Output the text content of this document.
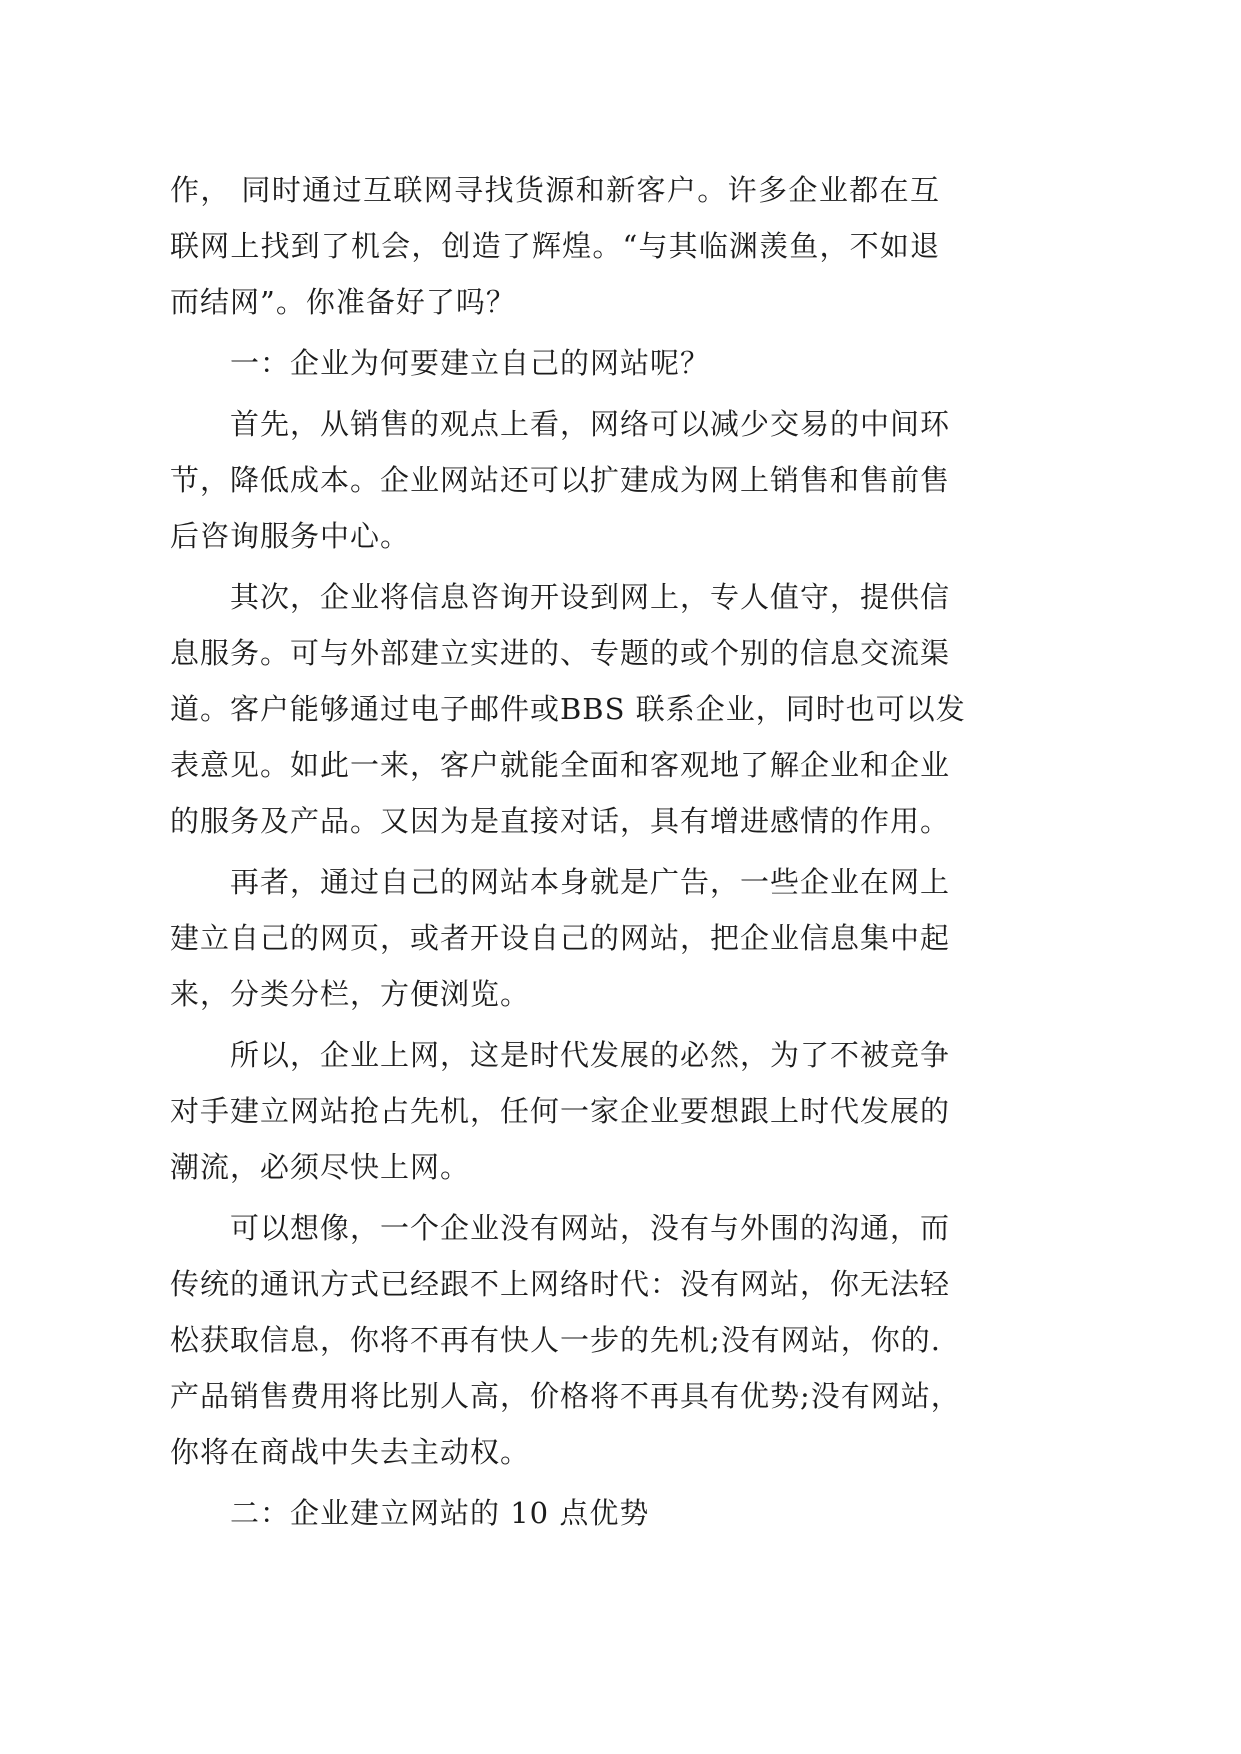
作， 同时通过互联网寻找货源和新客户。许多企业都在互
联网上找到了机会，创造了辉煌。“与其临渊羡鱼，不如退
而结网”。你准备好了吗？
一：企业为何要建立自己的网站呢？
首先，从销售的观点上看，网络可以减少交易的中间环
节，降低成本。企业网站还可以扩建成为网上销售和售前售
后咨询服务中心。
其次，企业将信息咨询开设到网上，专人值守，提供信
息服务。可与外部建立实进的、专题的或个别的信息交流渠
道。客户能够通过电子邮件或BBS 联系企业，同时也可以发
表意见。如此一来，客户就能全面和客观地了解企业和企业
的服务及产品。又因为是直接对话，具有增进感情的作用。
再者，通过自己的网站本身就是广告，一些企业在网上
建立自己的网页，或者开设自己的网站，把企业信息集中起
来，分类分栏，方便浏览。
所以，企业上网，这是时代发展的必然，为了不被竞争
对手建立网站抢占先机，任何一家企业要想跟上时代发展的
潮流，必须尽快上网。
可以想像，一个企业没有网站，没有与外围的沟通，而
传统的通讯方式已经跟不上网络时代：没有网站，你无法轻
松获取信息，你将不再有快人一步的先机;没有网站，你的.
产品销售费用将比别人高，价格将不再具有优势;没有网站，
你将在商战中失去主动权。
二：企业建立网站的 10 点优势
